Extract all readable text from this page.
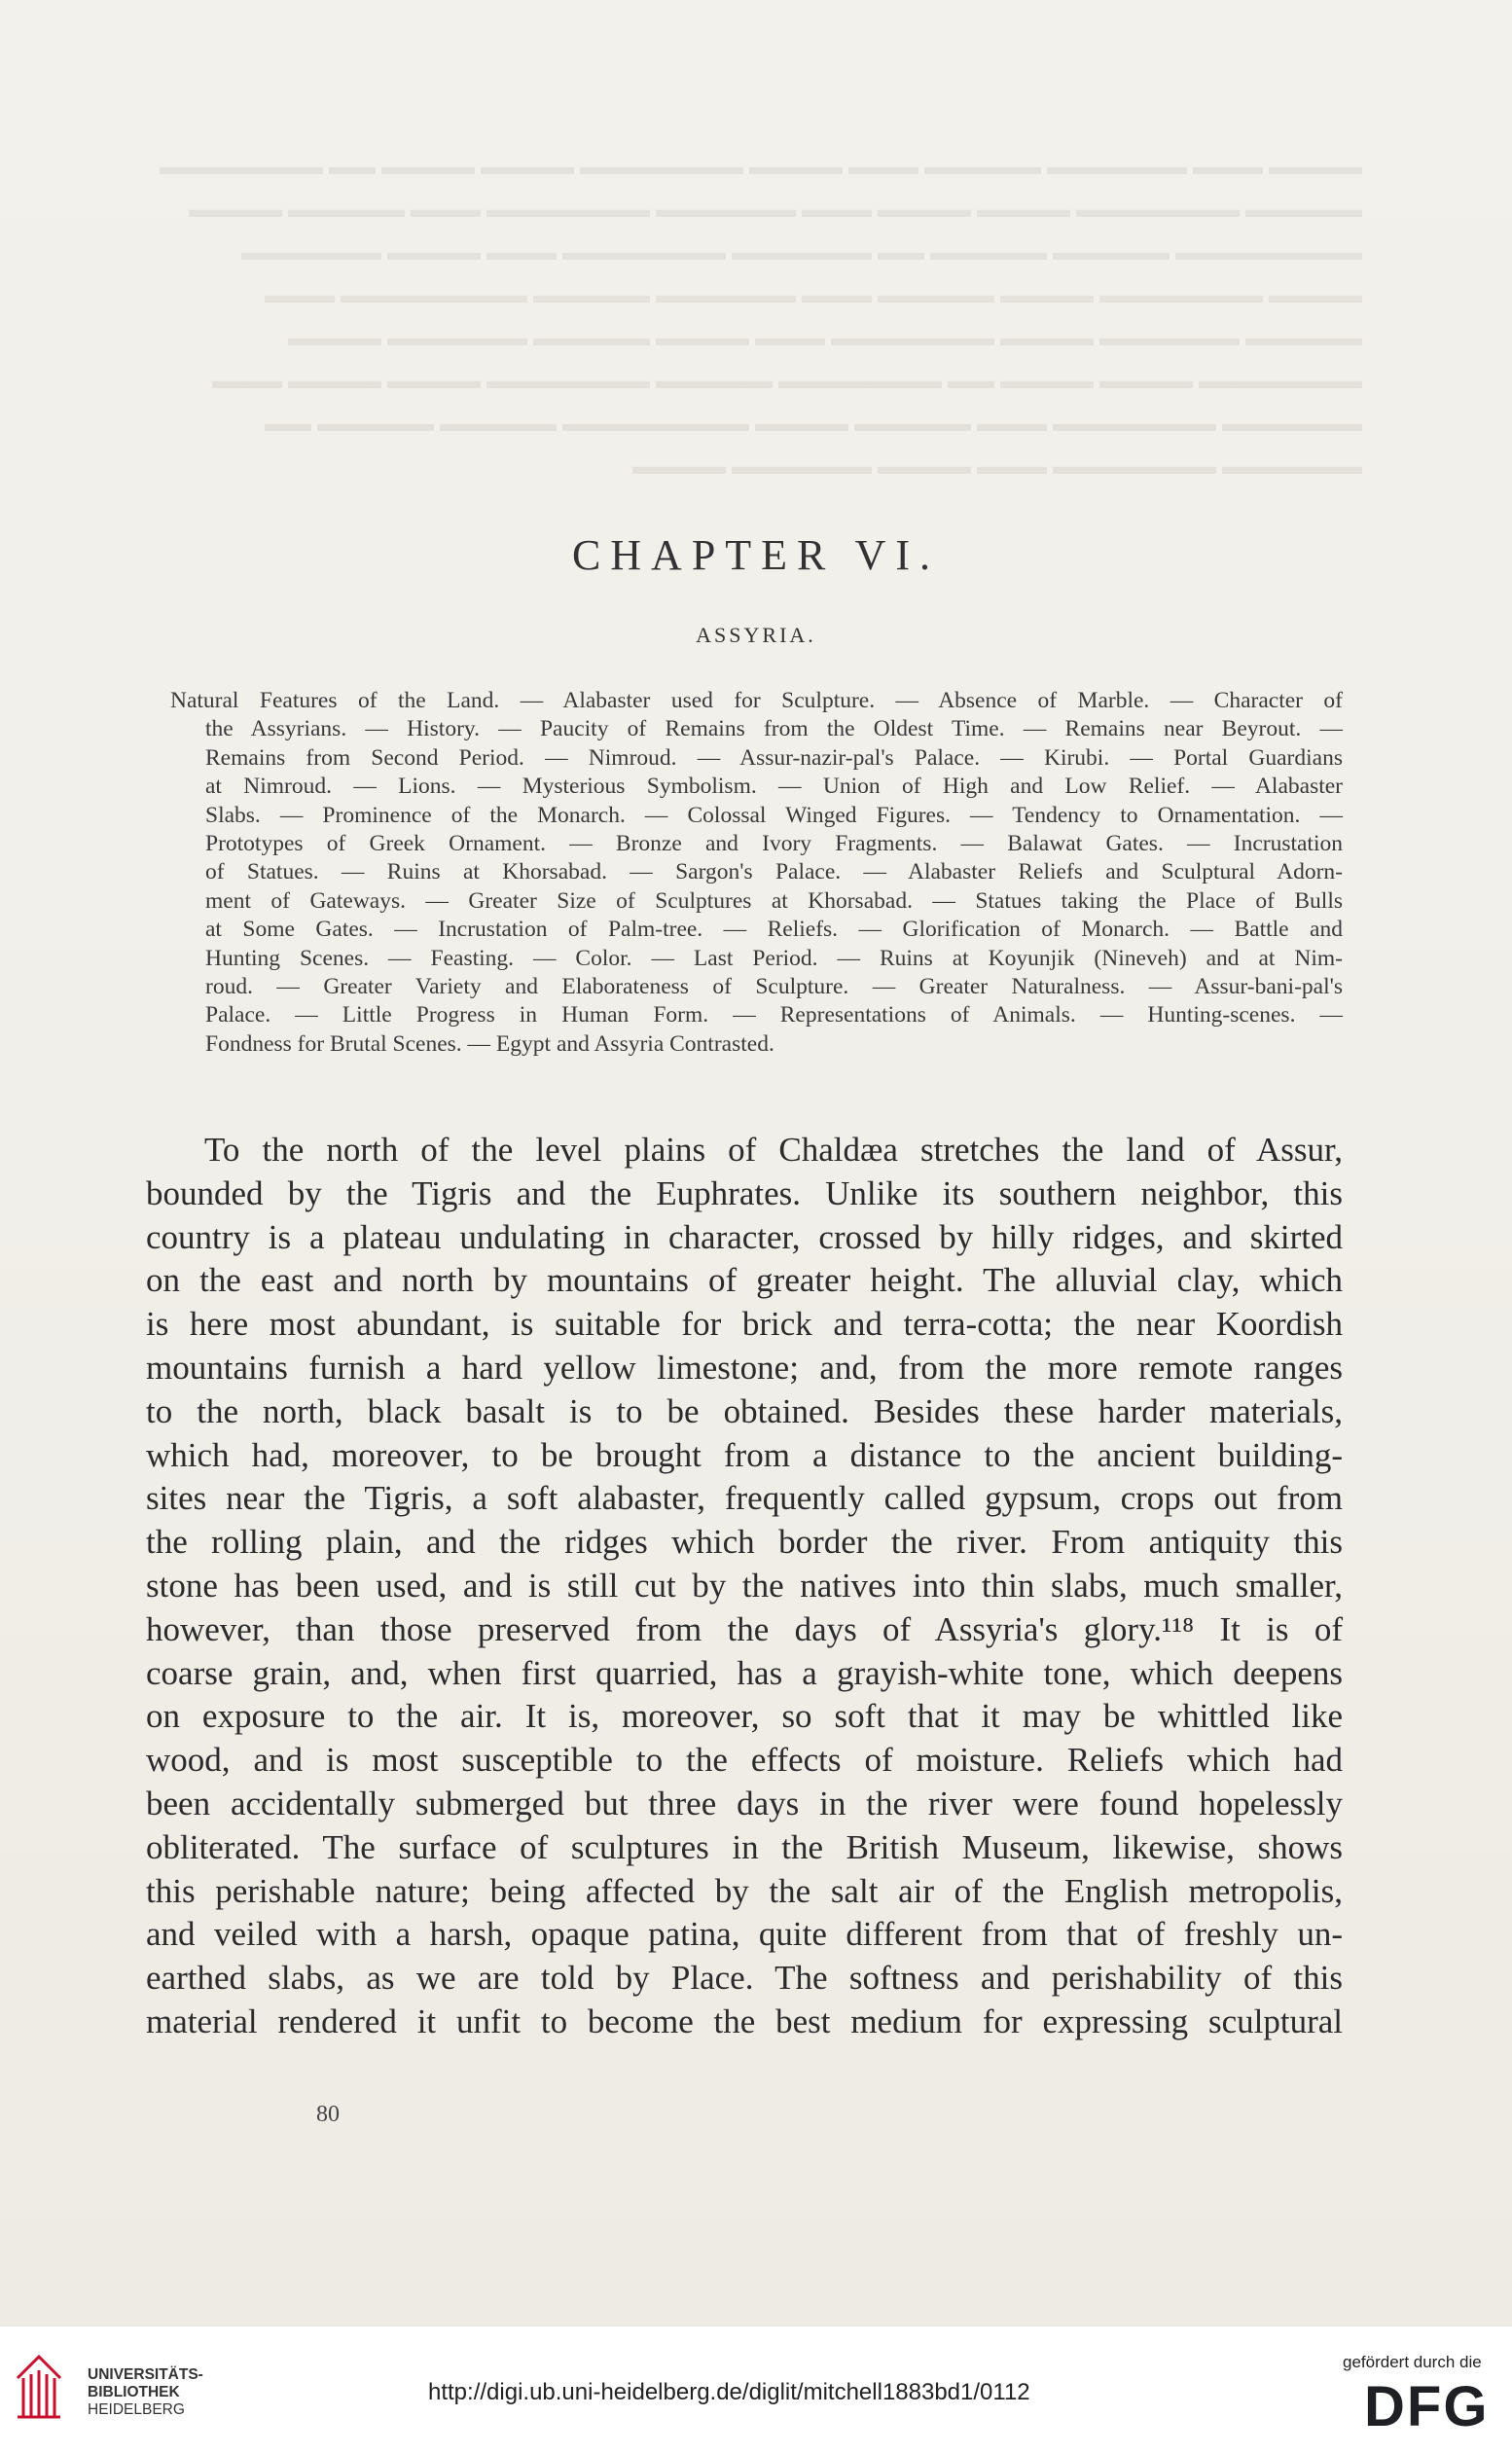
▬▬▬▬ ▬▬▬ ▬▬▬▬▬▬ ▬▬▬▬▬ ▬▬▬ ▬▬▬▬ ▬▬▬▬▬▬▬ ▬▬▬▬ ▬▬▬▬ ▬▬ ▬▬▬▬▬▬▬ ▬▬▬▬▬ ▬▬▬▬▬▬▬ ▬▬▬▬ ▬▬▬▬ ▬▬▬ ▬▬▬▬▬▬ ▬▬▬▬▬▬▬ ▬▬▬ ▬▬▬▬▬ ▬▬▬▬ ▬▬▬▬▬▬▬▬ ▬▬▬▬▬ ▬▬▬▬▬ ▬▬ ▬▬▬▬▬▬ ▬▬▬▬▬▬▬ ▬▬▬ ▬▬▬▬ ▬▬▬▬▬▬ ▬▬▬▬ ▬▬▬▬▬▬▬ ▬▬▬▬ ▬▬▬▬▬ ▬▬▬ ▬▬▬▬▬▬ ▬▬▬▬▬ ▬▬▬▬▬▬▬▬ ▬▬▬ ▬▬▬▬▬ ▬▬▬▬▬▬ ▬▬▬▬ ▬▬▬▬▬▬▬ ▬▬▬ ▬▬▬▬ ▬▬▬▬▬ ▬▬▬▬▬▬ ▬▬▬▬ ▬▬▬▬▬▬▬ ▬▬▬▬ ▬▬▬▬ ▬▬ ▬▬▬▬▬▬▬ ▬▬▬▬▬ ▬▬▬▬▬▬▬ ▬▬▬▬ ▬▬▬▬ ▬▬▬ ▬▬▬▬▬▬ ▬▬▬▬▬▬▬ ▬▬▬ ▬▬▬▬▬ ▬▬▬▬ ▬▬▬▬▬▬▬▬ ▬▬▬▬▬ ▬▬▬▬▬ ▬▬ ▬▬▬▬▬▬ ▬▬▬▬▬▬▬ ▬▬▬ ▬▬▬▬ ▬▬▬▬▬▬ ▬▬▬▬
CHAPTER VI.
ASSYRIA.
Natural Features of the Land. — Alabaster used for Sculpture. — Absence of Marble. — Character of
the Assyrians. — History. — Paucity of Remains from the Oldest Time. — Remains near Beyrout. —
Remains from Second Period. — Nimroud. — Assur-nazir-pal's Palace. — Kirubi. — Portal Guardians
at Nimroud. — Lions. — Mysterious Symbolism. — Union of High and Low Relief. — Alabaster
Slabs. — Prominence of the Monarch. — Colossal Winged Figures. — Tendency to Ornamentation. —
Prototypes of Greek Ornament. — Bronze and Ivory Fragments. — Balawat Gates. — Incrustation
of Statues. — Ruins at Khorsabad. — Sargon's Palace. — Alabaster Reliefs and Sculptural Adorn-
ment of Gateways. — Greater Size of Sculptures at Khorsabad. — Statues taking the Place of Bulls
at Some Gates. — Incrustation of Palm-tree. — Reliefs. — Glorification of Monarch. — Battle and
Hunting Scenes. — Feasting. — Color. — Last Period. — Ruins at Koyunjik (Nineveh) and at Nim-
roud. — Greater Variety and Elaborateness of Sculpture. — Greater Naturalness. — Assur-bani-pal's
Palace. — Little Progress in Human Form. — Representations of Animals. — Hunting-scenes. —
Fondness for Brutal Scenes. — Egypt and Assyria Contrasted.
To the north of the level plains of Chaldæa stretches the land of Assur,
bounded by the Tigris and the Euphrates. Unlike its southern neighbor, this
country is a plateau undulating in character, crossed by hilly ridges, and skirted
on the east and north by mountains of greater height. The alluvial clay, which
is here most abundant, is suitable for brick and terra-cotta; the near Koordish
mountains furnish a hard yellow limestone; and, from the more remote ranges
to the north, black basalt is to be obtained. Besides these harder materials,
which had, moreover, to be brought from a distance to the ancient building-
sites near the Tigris, a soft alabaster, frequently called gypsum, crops out from
the rolling plain, and the ridges which border the river. From antiquity this
stone has been used, and is still cut by the natives into thin slabs, much smaller,
however, than those preserved from the days of Assyria's glory.¹¹⁸ It is of
coarse grain, and, when first quarried, has a grayish-white tone, which deepens
on exposure to the air. It is, moreover, so soft that it may be whittled like
wood, and is most susceptible to the effects of moisture. Reliefs which had
been accidentally submerged but three days in the river were found hopelessly
obliterated. The surface of sculptures in the British Museum, likewise, shows
this perishable nature; being affected by the salt air of the English metropolis,
and veiled with a harsh, opaque patina, quite different from that of freshly un-
earthed slabs, as we are told by Place. The softness and perishability of this
material rendered it unfit to become the best medium for expressing sculptural
80
UNIVERSITÄTS-
BIBLIOTHEK
HEIDELBERG
http://digi.ub.uni-heidelberg.de/diglit/mitchell1883bd1/0112
gefördert durch die
DFG
